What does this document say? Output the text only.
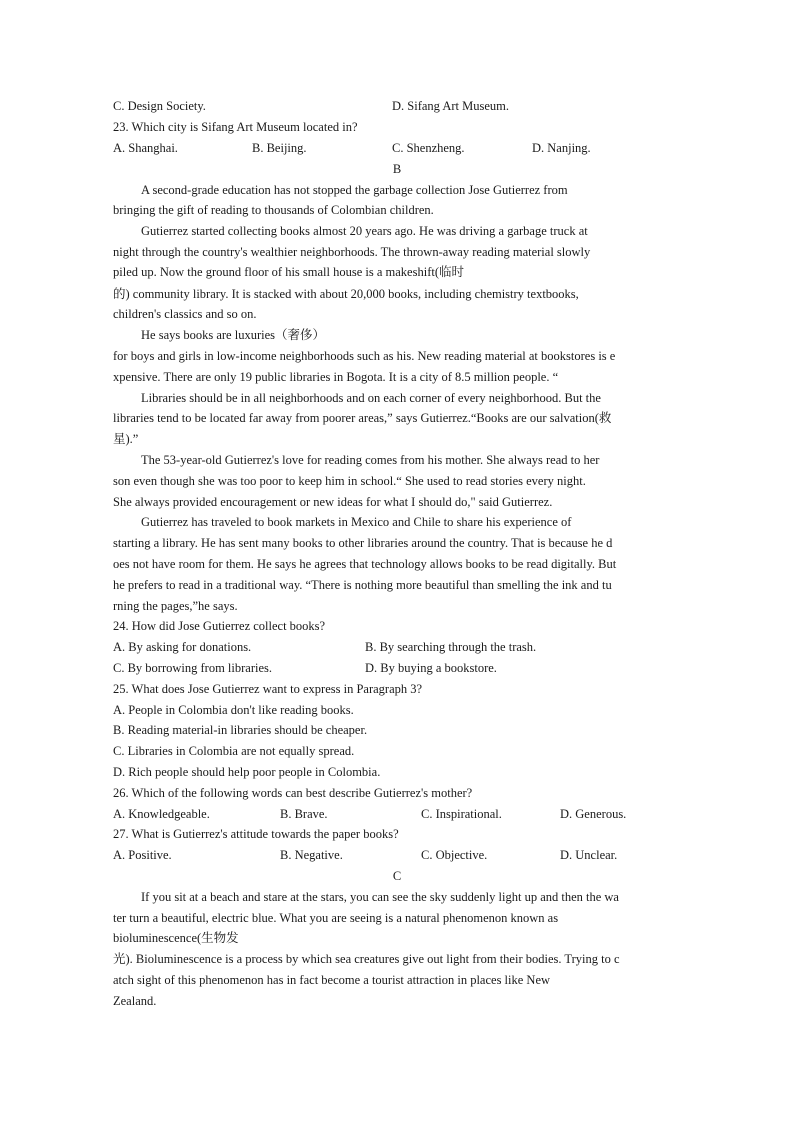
C. Design Society.	D. Sifang Art Museum.
23. Which city is Sifang Art Museum located in?
A. Shanghai.	B. Beijing.	C. Shenzheng.	D. Nanjing.
B
A second-grade education has not stopped the garbage collection Jose Gutierrez from
bringing the gift of reading to thousands of Colombian children.
Gutierrez started collecting books almost 20 years ago. He was driving a garbage truck at
night through the country's wealthier neighborhoods. The thrown-away reading material slowly
piled up. Now the ground floor of his small house is a makeshift(临时
的) community library. It is stacked with about 20,000 books, including chemistry textbooks,
children's classics and so on.
He says books are luxuries（奢侈）
for boys and girls in low-income neighborhoods such as his. New reading material at bookstores is e
xpensive. There are only 19 public libraries in Bogota. It is a city of 8.5 million people. “
Libraries should be in all neighborhoods and on each corner of every neighborhood. But the
libraries tend to be located far away from poorer areas,” says Gutierrez.“Books are our salvation(救
星).”
The 53-year-old Gutierrez's love for reading comes from his mother. She always read to her
son even though she was too poor to keep him in school.“ She used to read stories every night.
She always provided encouragement or new ideas for what I should do," said Gutierrez.
Gutierrez has traveled to book markets in Mexico and Chile to share his experience of
starting a library. He has sent many books to other libraries around the country. That is because he d
oes not have room for them. He says he agrees that technology allows books to be read digitally. But
he prefers to read in a traditional way. “There is nothing more beautiful than smelling the ink and tu
rning the pages,”he says.
24. How did Jose Gutierrez collect books?
A. By asking for donations.	B. By searching through the trash.
C. By borrowing from libraries.	D. By buying a bookstore.
25. What does Jose Gutierrez want to express in Paragraph 3?
A. People in Colombia don't like reading books.
B. Reading material-in libraries should be cheaper.
C. Libraries in Colombia are not equally spread.
D. Rich people should help poor people in Colombia.
26. Which of the following words can best describe Gutierrez's mother?
A. Knowledgeable.	B. Brave.	C. Inspirational.	D. Generous.
27. What is Gutierrez's attitude towards the paper books?
A. Positive.	B. Negative.	C. Objective.	D. Unclear.
C
If you sit at a beach and stare at the stars, you can see the sky suddenly light up and then the wa
ter turn a beautiful, electric blue. What you are seeing is a natural phenomenon known as
bioluminescence(生物发
光). Bioluminescence is a process by which sea creatures give out light from their bodies. Trying to c
atch sight of this phenomenon has in fact become a tourist attraction in places like New
Zealand.
